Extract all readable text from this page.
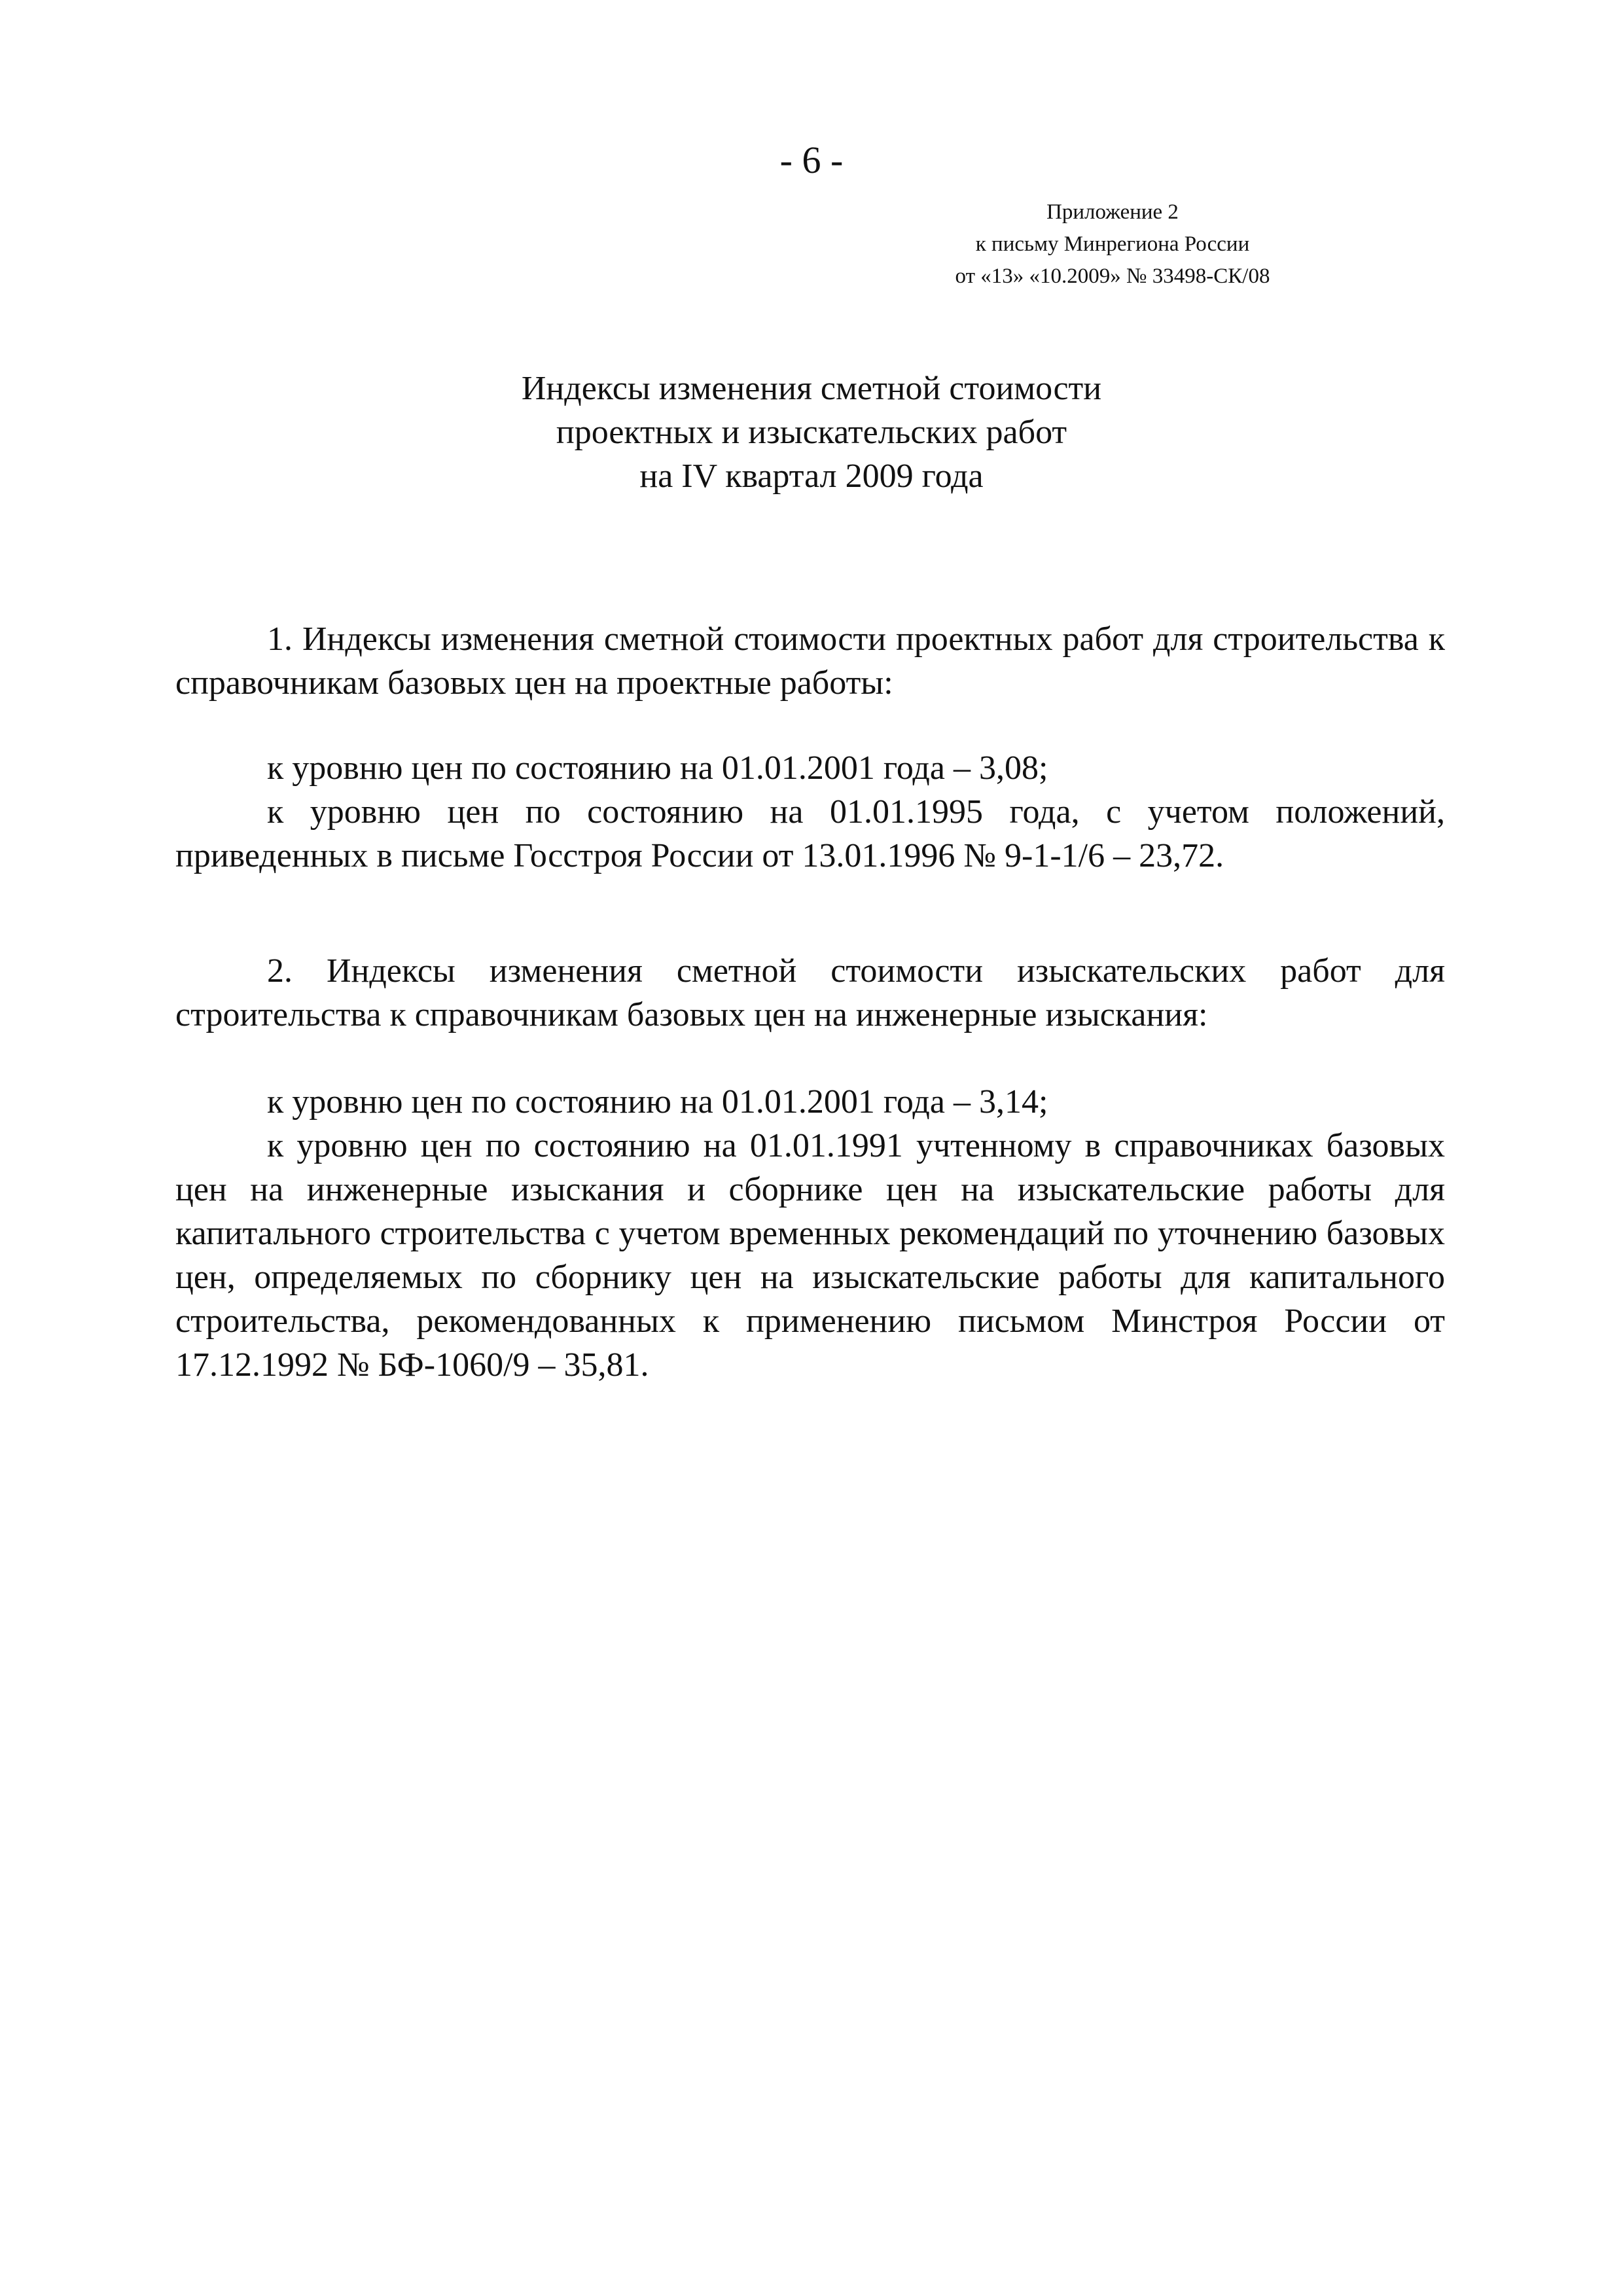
- 6 -
Приложение 2
к письму Минрегиона России
от «13» «10.2009» № 33498-СК/08
Индексы изменения сметной стоимости
проектных и изыскательских работ
на IV квартал 2009 года

1. Индексы изменения сметной стоимости проектных работ для строительства к справочникам базовых цен на проектные работы:

к уровню цен по состоянию на 01.01.2001 года – 3,08;

к уровню цен по состоянию на 01.01.1995 года, с учетом положений, приведенных в письме Госстроя России от 13.01.1996 № 9-1-1/6 – 23,72.

2. Индексы изменения сметной стоимости изыскательских работ для строительства к справочникам базовых цен на инженерные изыскания:

к уровню цен по состоянию на 01.01.2001 года – 3,14;

к уровню цен по состоянию на 01.01.1991 учтенному в справочниках базовых цен на инженерные изыскания и сборнике цен на изыскательские работы для капитального строительства с учетом временных рекомендаций по уточнению базовых цен, определяемых по сборнику цен на изыскательские работы для капитального строительства, рекомендованных к применению письмом Минстроя России от 17.12.1992 № БФ-1060/9 – 35,81.
